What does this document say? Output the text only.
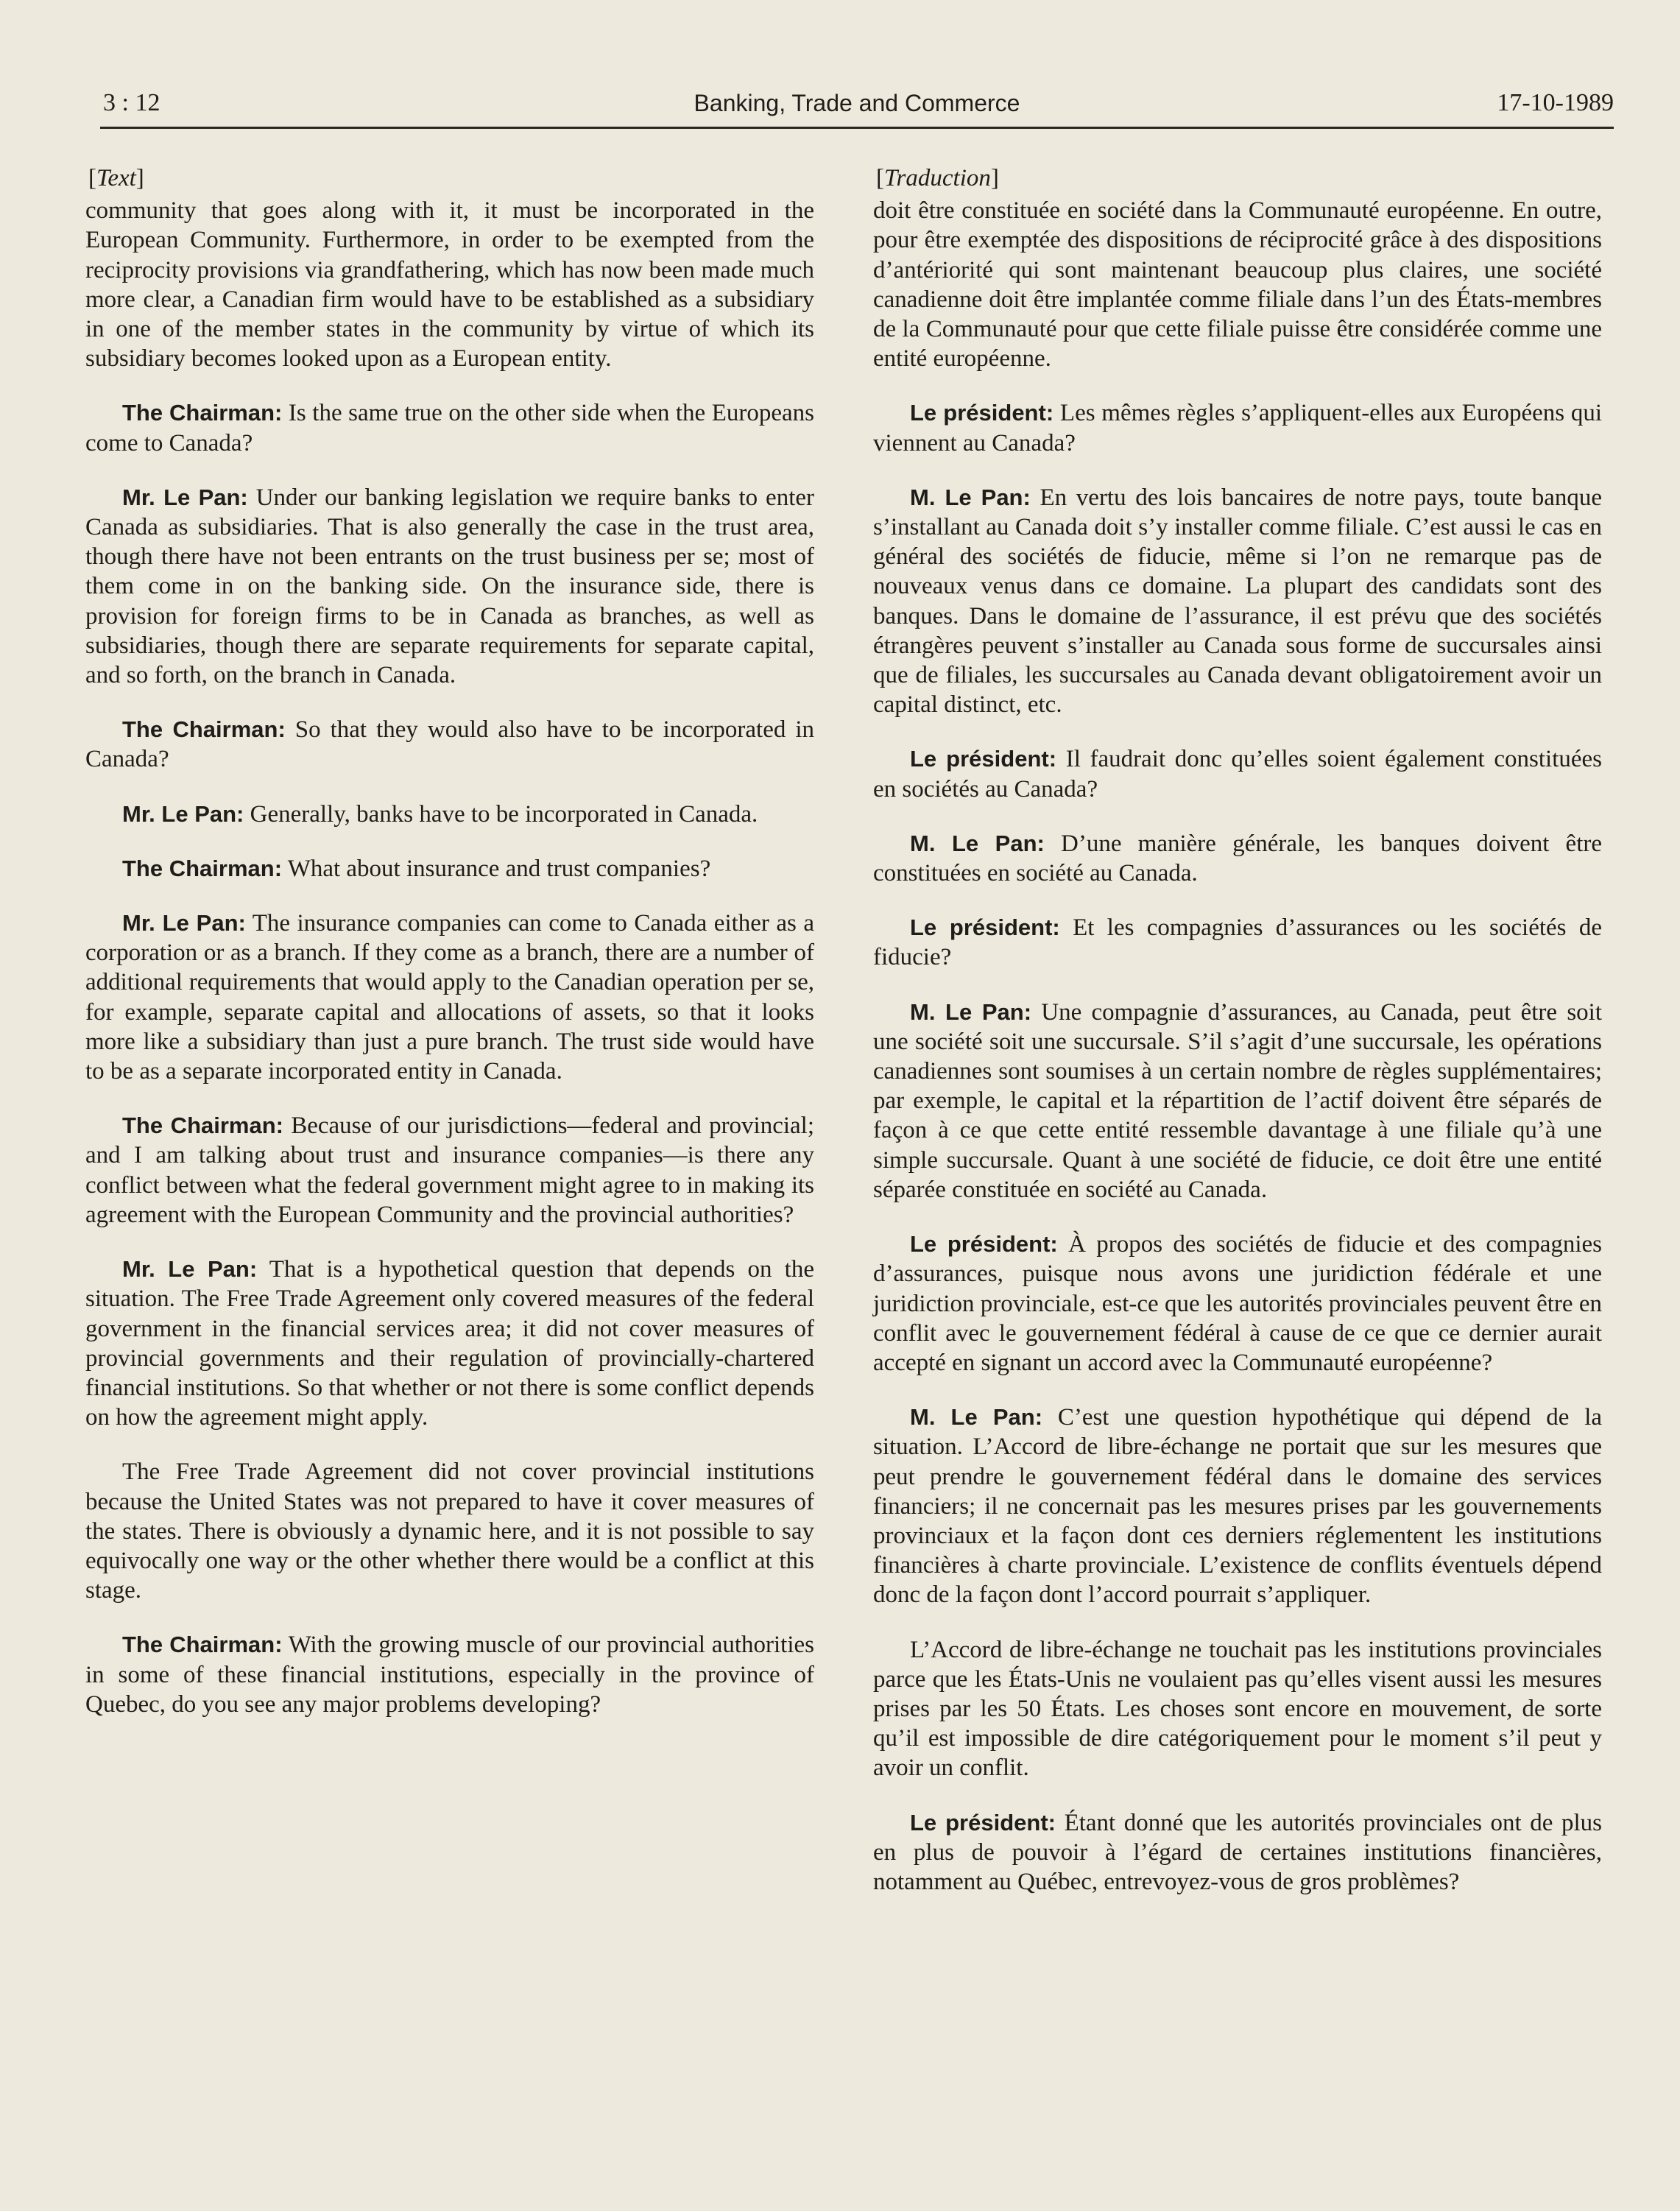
3 : 12	Banking, Trade and Commerce	17-10-1989
[ Text ]

community that goes along with it, it must be incorporated in the European Community. Furthermore, in order to be exempted from the reciprocity provisions via grandfathering, which has now been made much more clear, a Canadian firm would have to be established as a subsidiary in one of the member states in the community by virtue of which its subsidiary becomes looked upon as a European entity.

The Chairman: Is the same true on the other side when the Europeans come to Canada?

Mr. Le Pan: Under our banking legislation we require banks to enter Canada as subsidiaries. That is also generally the case in the trust area, though there have not been entrants on the trust business per se; most of them come in on the banking side. On the insurance side, there is provision for foreign firms to be in Canada as branches, as well as subsidiaries, though there are separate requirements for separate capital, and so forth, on the branch in Canada.

The Chairman: So that they would also have to be incorporated in Canada?

Mr. Le Pan: Generally, banks have to be incorporated in Canada.

The Chairman: What about insurance and trust companies?

Mr. Le Pan: The insurance companies can come to Canada either as a corporation or as a branch. If they come as a branch, there are a number of additional requirements that would apply to the Canadian operation per se, for example, separate capital and allocations of assets, so that it looks more like a subsidiary than just a pure branch. The trust side would have to be as a separate incorporated entity in Canada.

The Chairman: Because of our jurisdictions—federal and provincial; and I am talking about trust and insurance companies—is there any conflict between what the federal government might agree to in making its agreement with the European Community and the provincial authorities?

Mr. Le Pan: That is a hypothetical question that depends on the situation. The Free Trade Agreement only covered measures of the federal government in the financial services area; it did not cover measures of provincial governments and their regulation of provincially-chartered financial institutions. So that whether or not there is some conflict depends on how the agreement might apply.

The Free Trade Agreement did not cover provincial institutions because the United States was not prepared to have it cover measures of the states. There is obviously a dynamic here, and it is not possible to say equivocally one way or the other whether there would be a conflict at this stage.

The Chairman: With the growing muscle of our provincial authorities in some of these financial institutions, especially in the province of Quebec, do you see any major problems developing?

[ Traduction ]

doit être constituée en société dans la Communauté européenne. En outre, pour être exemptée des dispositions de réciprocité grâce à des dispositions d’antériorité qui sont maintenant beaucoup plus claires, une société canadienne doit être implantée comme filiale dans l’un des États-membres de la Communauté pour que cette filiale puisse être considérée comme une entité européenne.

Le président: Les mêmes règles s’appliquent-elles aux Européens qui viennent au Canada?

M. Le Pan: En vertu des lois bancaires de notre pays, toute banque s’installant au Canada doit s’y installer comme filiale. C’est aussi le cas en général des sociétés de fiducie, même si l’on ne remarque pas de nouveaux venus dans ce domaine. La plupart des candidats sont des banques. Dans le domaine de l’assurance, il est prévu que des sociétés étrangères peuvent s’installer au Canada sous forme de succursales ainsi que de filiales, les succursales au Canada devant obligatoirement avoir un capital distinct, etc.

Le président: Il faudrait donc qu’elles soient également constituées en sociétés au Canada?

M. Le Pan: D’une manière générale, les banques doivent être constituées en société au Canada.

Le président: Et les compagnies d’assurances ou les sociétés de fiducie?

M. Le Pan: Une compagnie d’assurances, au Canada, peut être soit une société soit une succursale. S’il s’agit d’une succursale, les opérations canadiennes sont soumises à un certain nombre de règles supplémentaires; par exemple, le capital et la répartition de l’actif doivent être séparés de façon à ce que cette entité ressemble davantage à une filiale qu’à une simple succursale. Quant à une société de fiducie, ce doit être une entité séparée constituée en société au Canada.

Le président: À propos des sociétés de fiducie et des compagnies d’assurances, puisque nous avons une juridiction fédérale et une juridiction provinciale, est-ce que les autorités provinciales peuvent être en conflit avec le gouvernement fédéral à cause de ce que ce dernier aurait accepté en signant un accord avec la Communauté européenne?

M. Le Pan: C’est une question hypothétique qui dépend de la situation. L’Accord de libre-échange ne portait que sur les mesures que peut prendre le gouvernement fédéral dans le domaine des services financiers; il ne concernait pas les mesures prises par les gouvernements provinciaux et la façon dont ces derniers réglementent les institutions financières à charte provinciale. L’existence de conflits éventuels dépend donc de la façon dont l’accord pourrait s’appliquer.

L’Accord de libre-échange ne touchait pas les institutions provinciales parce que les États-Unis ne voulaient pas qu’elles visent aussi les mesures prises par les 50 États. Les choses sont encore en mouvement, de sorte qu’il est impossible de dire catégoriquement pour le moment s’il peut y avoir un conflit.

Le président: Étant donné que les autorités provinciales ont de plus en plus de pouvoir à l’égard de certaines institutions financières, notamment au Québec, entrevoyez-vous de gros problèmes?
